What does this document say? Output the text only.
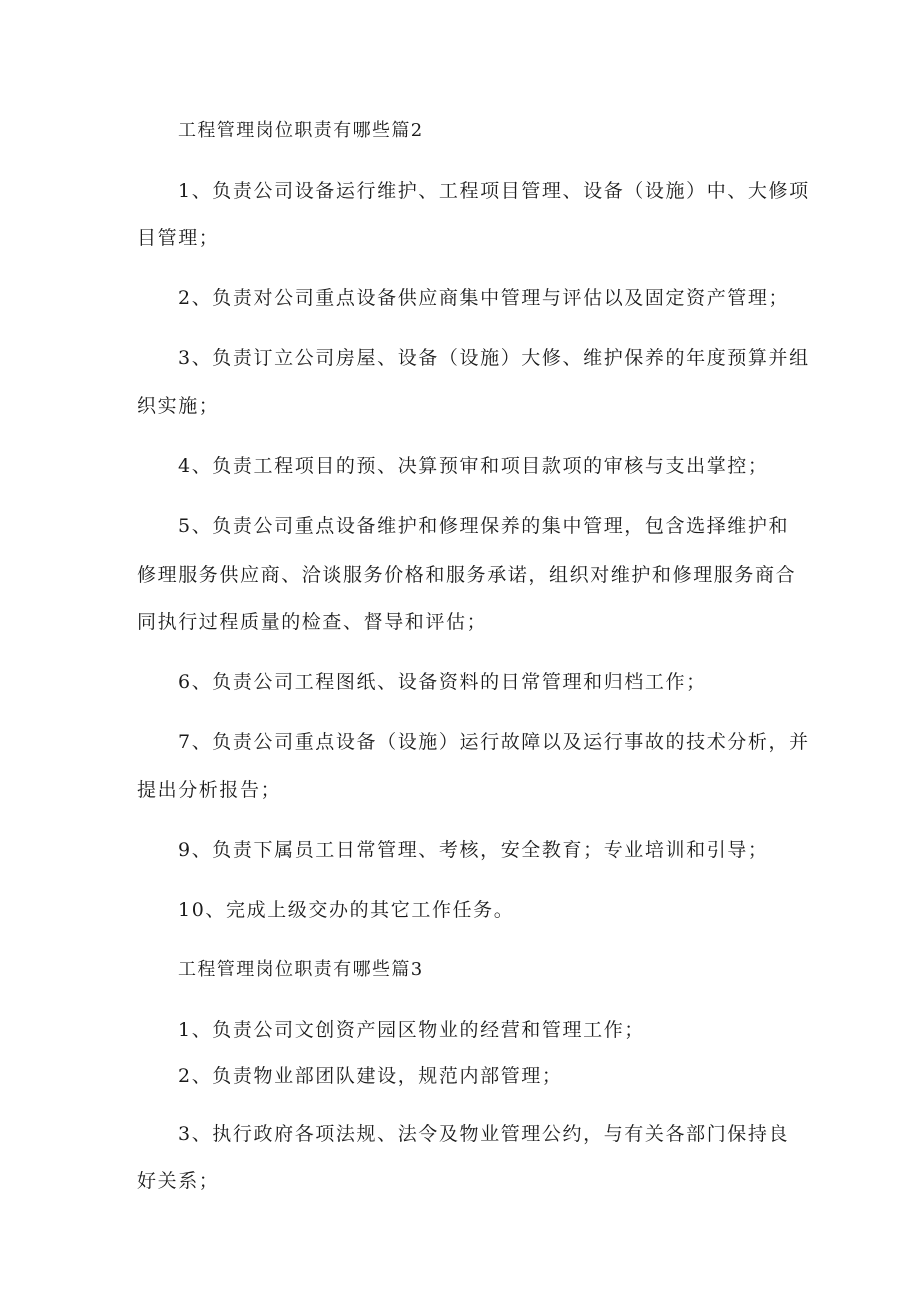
工程管理岗位职责有哪些篇2
1、负责公司设备运行维护、工程项目管理、设备（设施）中、大修项
目管理；
2、负责对公司重点设备供应商集中管理与评估以及固定资产管理；
3、负责订立公司房屋、设备（设施）大修、维护保养的年度预算并组
织实施；
4、负责工程项目的预、决算预审和项目款项的审核与支出掌控；
5、负责公司重点设备维护和修理保养的集中管理，包含选择维护和
修理服务供应商、洽谈服务价格和服务承诺，组织对维护和修理服务商合
同执行过程质量的检查、督导和评估；
6、负责公司工程图纸、设备资料的日常管理和归档工作；
7、负责公司重点设备（设施）运行故障以及运行事故的技术分析，并
提出分析报告；
9、负责下属员工日常管理、考核，安全教育；专业培训和引导；
10、完成上级交办的其它工作任务。
工程管理岗位职责有哪些篇3
1、负责公司文创资产园区物业的经营和管理工作；
2、负责物业部团队建设，规范内部管理；
3、执行政府各项法规、法令及物业管理公约，与有关各部门保持良
好关系；
